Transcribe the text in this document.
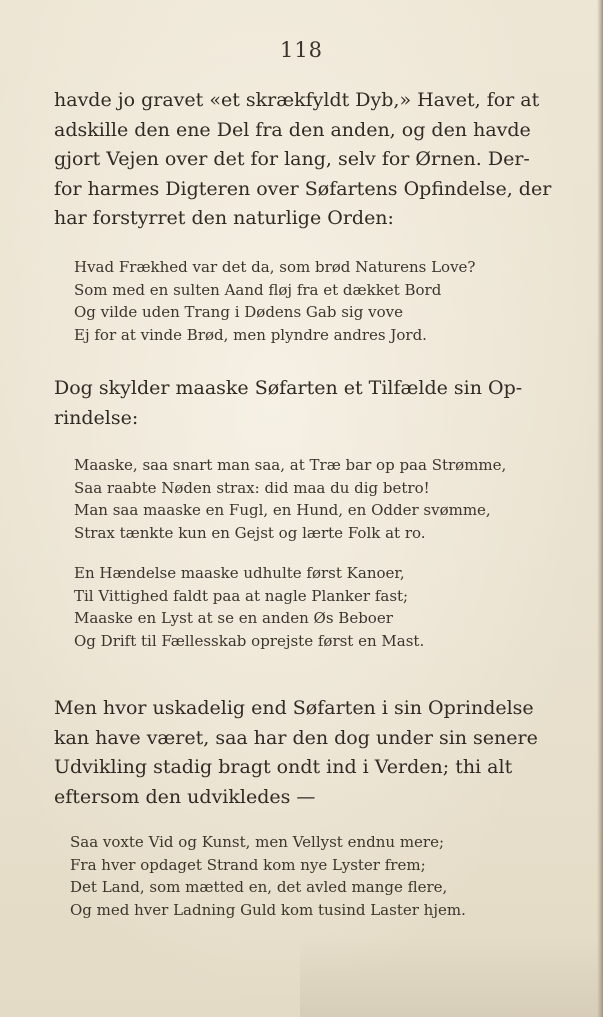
118
havde jo gravet «et skrækfyldt Dyb,» Havet, for at
adskille den ene Del fra den anden, og den havde
gjort Vejen over det for lang, selv for Ørnen. Der-
for harmes Digteren over Søfartens Opfindelse, der
har forstyrret den naturlige Orden:
Hvad Frækhed var det da, som brød Naturens Love?
Som med en sulten Aand fløj fra et dækket Bord
Og vilde uden Trang i Dødens Gab sig vove
Ej for at vinde Brød, men plyndre andres Jord.
Dog skylder maaske Søfarten et Tilfælde sin Op-
rindelse:
Maaske, saa snart man saa, at Træ bar op paa Strømme,
Saa raabte Nøden strax: did maa du dig betro!
Man saa maaske en Fugl, en Hund, en Odder svømme,
Strax tænkte kun en Gejst og lærte Folk at ro.
En Hændelse maaske udhulte først Kanoer,
Til Vittighed faldt paa at nagle Planker fast;
Maaske en Lyst at se en anden Øs Beboer
Og Drift til Fællesskab oprejste først en Mast.
Men hvor uskadelig end Søfarten i sin Oprindelse
kan have været, saa har den dog under sin senere
Udvikling stadig bragt ondt ind i Verden; thi alt
eftersom den udvikledes —
Saa voxte Vid og Kunst, men Vellyst endnu mere;
Fra hver opdaget Strand kom nye Lyster frem;
Det Land, som mætted en, det avled mange flere,
Og med hver Ladning Guld kom tusind Laster hjem.
